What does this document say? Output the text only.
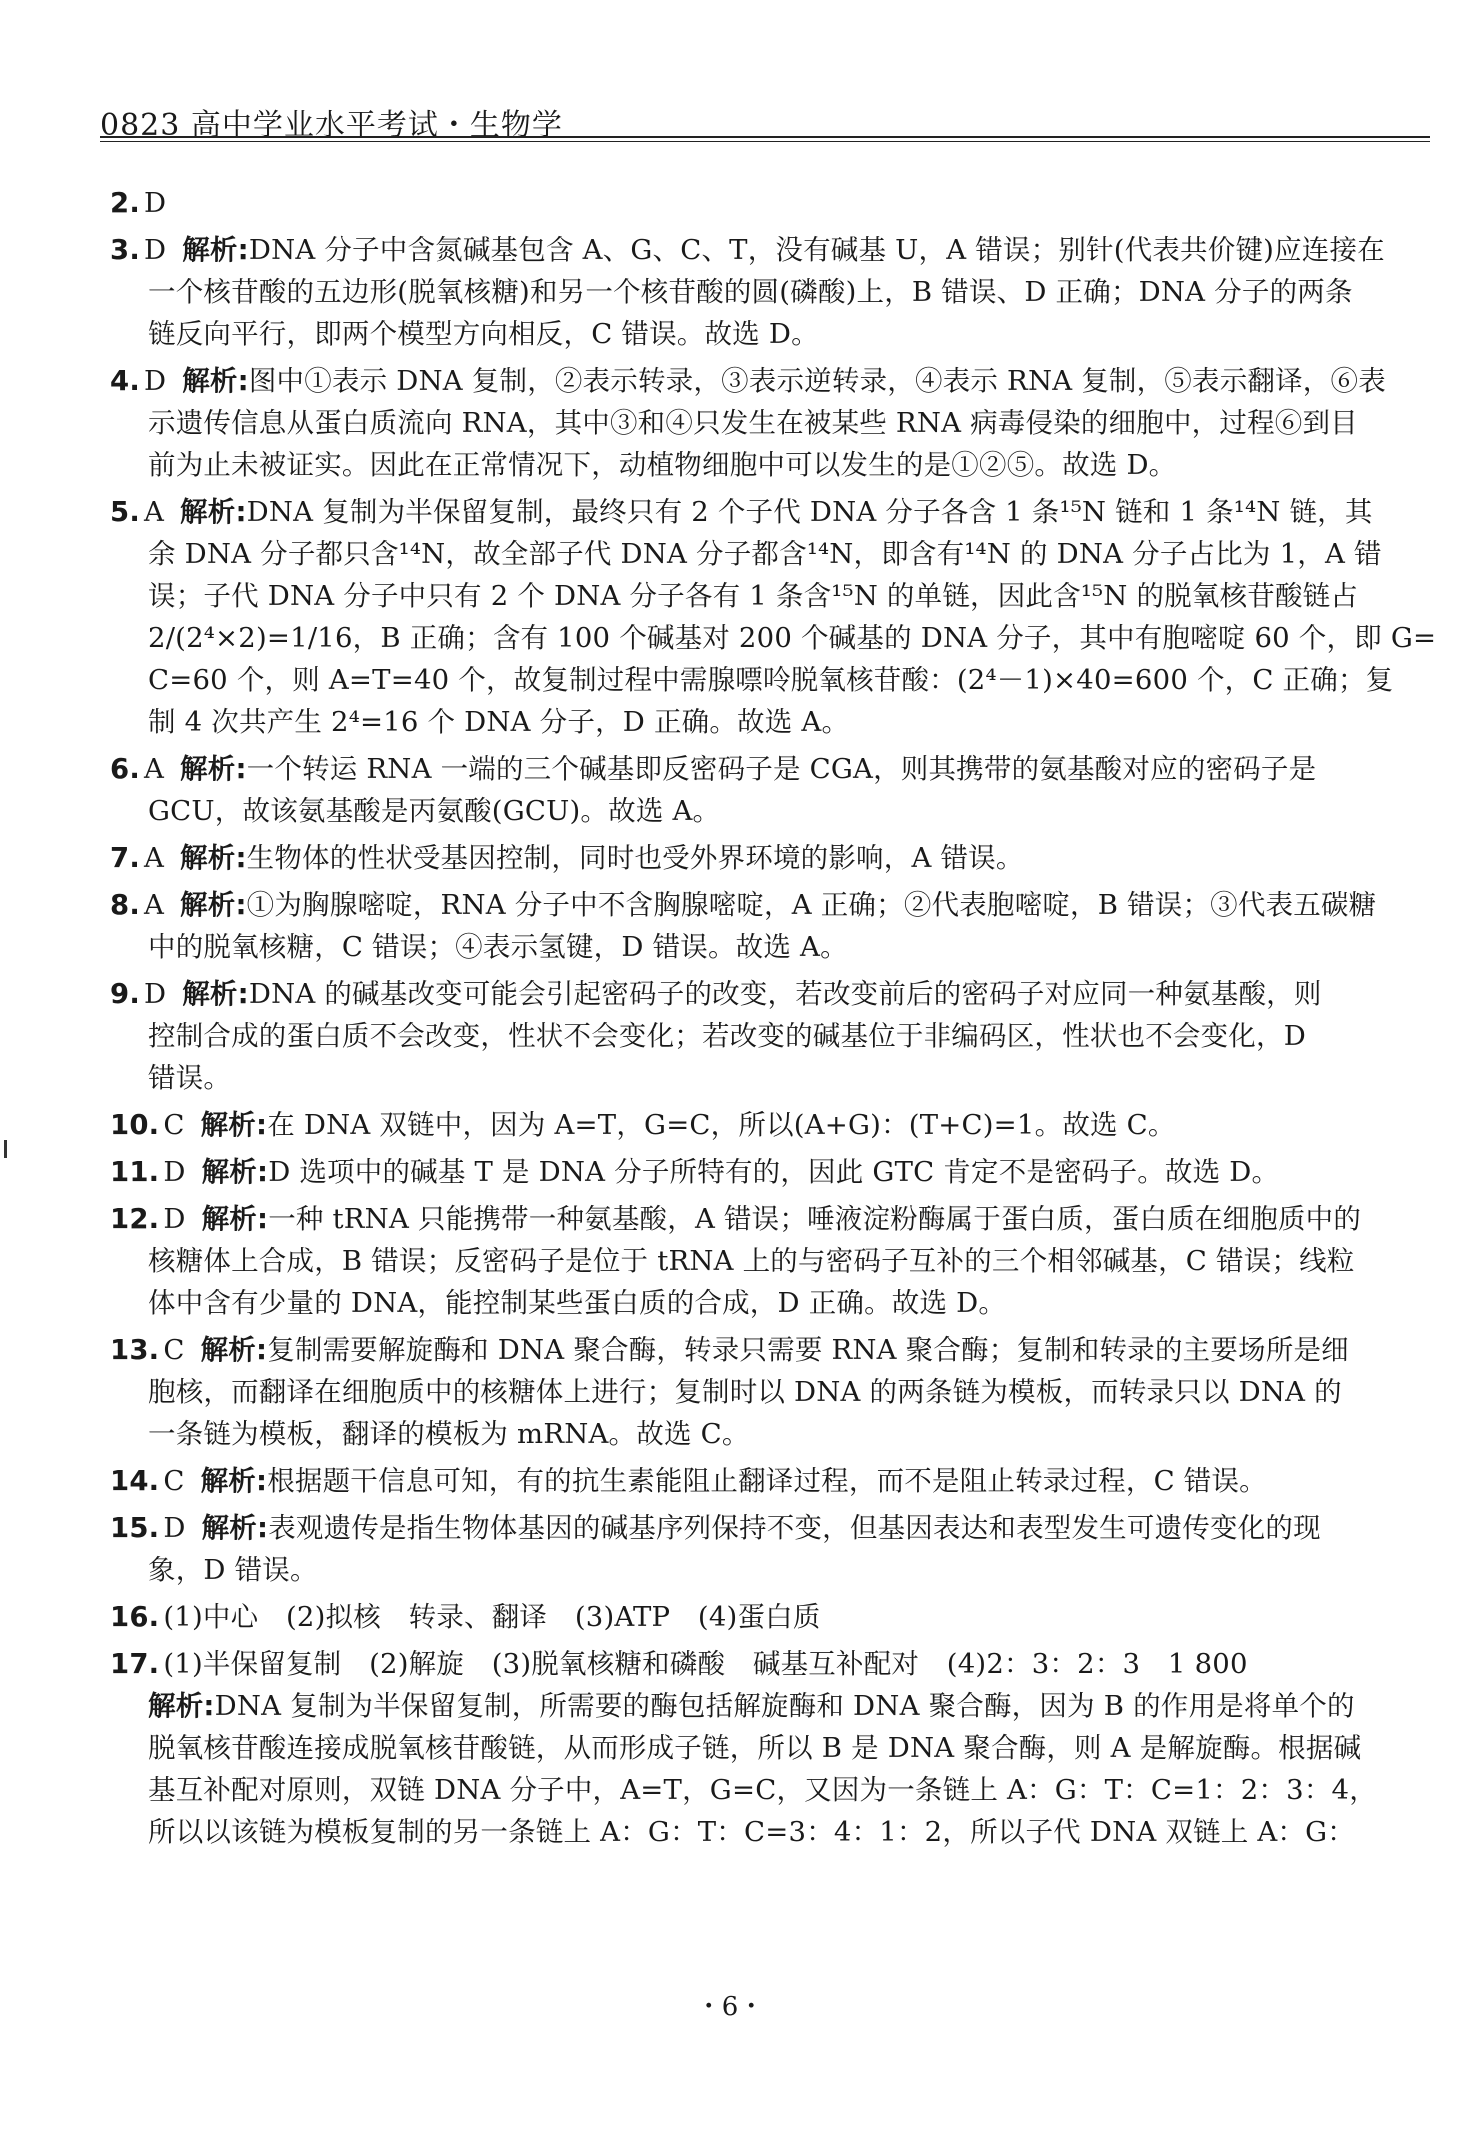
0823 高中学业水平考试・生物学
2. D
3. D 解析:DNA 分子中含氮碱基包含 A、G、C、T，没有碱基 U，A 错误；别针(代表共价键)应连接在
一个核苷酸的五边形(脱氧核糖)和另一个核苷酸的圆(磷酸)上，B 错误、D 正确；DNA 分子的两条
链反向平行，即两个模型方向相反，C 错误。故选 D。
4. D 解析:图中①表示 DNA 复制，②表示转录，③表示逆转录，④表示 RNA 复制，⑤表示翻译，⑥表
示遗传信息从蛋白质流向 RNA，其中③和④只发生在被某些 RNA 病毒侵染的细胞中，过程⑥到目
前为止未被证实。因此在正常情况下，动植物细胞中可以发生的是①②⑤。故选 D。
5. A 解析:DNA 复制为半保留复制，最终只有 2 个子代 DNA 分子各含 1 条¹⁵N 链和 1 条¹⁴N 链，其
余 DNA 分子都只含¹⁴N，故全部子代 DNA 分子都含¹⁴N，即含有¹⁴N 的 DNA 分子占比为 1，A 错
误；子代 DNA 分子中只有 2 个 DNA 分子各有 1 条含¹⁵N 的单链，因此含¹⁵N 的脱氧核苷酸链占
2/(2⁴×2)=1/16，B 正确；含有 100 个碱基对 200 个碱基的 DNA 分子，其中有胞嘧啶 60 个，即 G=
C=60 个，则 A=T=40 个，故复制过程中需腺嘌呤脱氧核苷酸：(2⁴－1)×40=600 个，C 正确；复
制 4 次共产生 2⁴=16 个 DNA 分子，D 正确。故选 A。
6. A 解析:一个转运 RNA 一端的三个碱基即反密码子是 CGA，则其携带的氨基酸对应的密码子是
GCU，故该氨基酸是丙氨酸(GCU)。故选 A。
7. A 解析:生物体的性状受基因控制，同时也受外界环境的影响，A 错误。
8. A 解析:①为胸腺嘧啶，RNA 分子中不含胸腺嘧啶，A 正确；②代表胞嘧啶，B 错误；③代表五碳糖
中的脱氧核糖，C 错误；④表示氢键，D 错误。故选 A。
9. D 解析:DNA 的碱基改变可能会引起密码子的改变，若改变前后的密码子对应同一种氨基酸，则
控制合成的蛋白质不会改变，性状不会变化；若改变的碱基位于非编码区，性状也不会变化，D
错误。
10. C 解析:在 DNA 双链中，因为 A=T，G=C，所以(A+G)：(T+C)=1。故选 C。
11. D 解析:D 选项中的碱基 T 是 DNA 分子所特有的，因此 GTC 肯定不是密码子。故选 D。
12. D 解析:一种 tRNA 只能携带一种氨基酸，A 错误；唾液淀粉酶属于蛋白质，蛋白质在细胞质中的
核糖体上合成，B 错误；反密码子是位于 tRNA 上的与密码子互补的三个相邻碱基，C 错误；线粒
体中含有少量的 DNA，能控制某些蛋白质的合成，D 正确。故选 D。
13. C 解析:复制需要解旋酶和 DNA 聚合酶，转录只需要 RNA 聚合酶；复制和转录的主要场所是细
胞核，而翻译在细胞质中的核糖体上进行；复制时以 DNA 的两条链为模板，而转录只以 DNA 的
一条链为模板，翻译的模板为 mRNA。故选 C。
14. C 解析:根据题干信息可知，有的抗生素能阻止翻译过程，而不是阻止转录过程，C 错误。
15. D 解析:表观遗传是指生物体基因的碱基序列保持不变，但基因表达和表型发生可遗传变化的现
象，D 错误。
16. (1)中心　(2)拟核　转录、翻译　(3)ATP　(4)蛋白质
17. (1)半保留复制　(2)解旋　(3)脱氧核糖和磷酸　碱基互补配对　(4)2：3：2：3　1 800
解析:DNA 复制为半保留复制，所需要的酶包括解旋酶和 DNA 聚合酶，因为 B 的作用是将单个的
脱氧核苷酸连接成脱氧核苷酸链，从而形成子链，所以 B 是 DNA 聚合酶，则 A 是解旋酶。根据碱
基互补配对原则，双链 DNA 分子中，A=T，G=C，又因为一条链上 A：G：T：C=1：2：3：4，
所以以该链为模板复制的另一条链上 A：G：T：C=3：4：1：2，所以子代 DNA 双链上 A：G：
・6・
